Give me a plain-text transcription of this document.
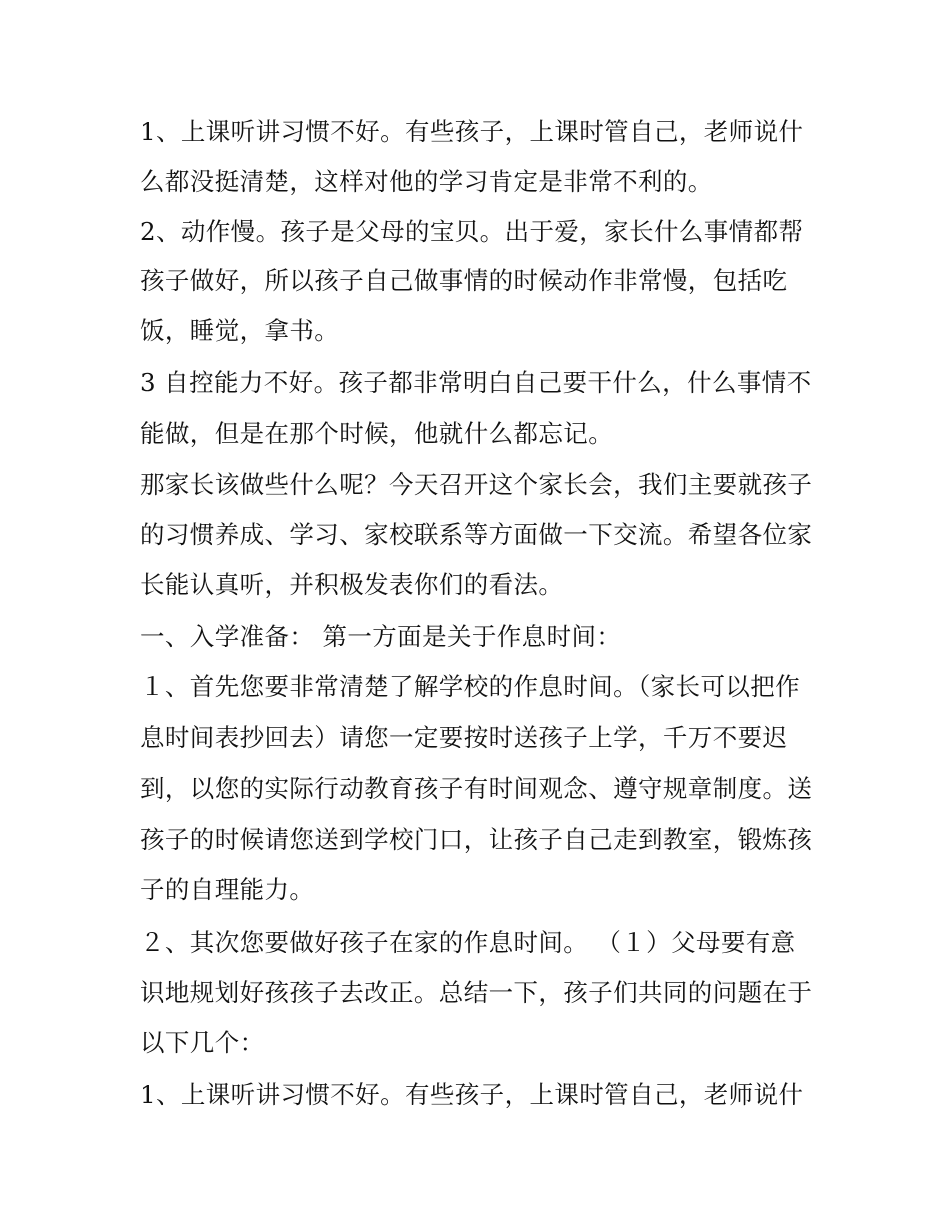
1、上课听讲习惯不好。有些孩子，上课时管自己，老师说什
么都没挺清楚，这样对他的学习肯定是非常不利的。
2、动作慢。孩子是父母的宝贝。出于爱，家长什么事情都帮
孩子做好，所以孩子自己做事情的时候动作非常慢，包括吃
饭，睡觉，拿书。
3 自控能力不好。孩子都非常明白自己要干什么，什么事情不
能做，但是在那个时候，他就什么都忘记。
那家长该做些什么呢？今天召开这个家长会，我们主要就孩子
的习惯养成、学习、家校联系等方面做一下交流。希望各位家
长能认真听，并积极发表你们的看法。
一、入学准备： 第一方面是关于作息时间：
１、首先您要非常清楚了解学校的作息时间。（家长可以把作
息时间表抄回去）请您一定要按时送孩子上学，千万不要迟
到，以您的实际行动教育孩子有时间观念、遵守规章制度。送
孩子的时候请您送到学校门口，让孩子自己走到教室，锻炼孩
子的自理能力。
２、其次您要做好孩子在家的作息时间。 （１）父母要有意
识地规划好孩孩子去改正。总结一下，孩子们共同的问题在于
以下几个：
1、上课听讲习惯不好。有些孩子，上课时管自己，老师说什
